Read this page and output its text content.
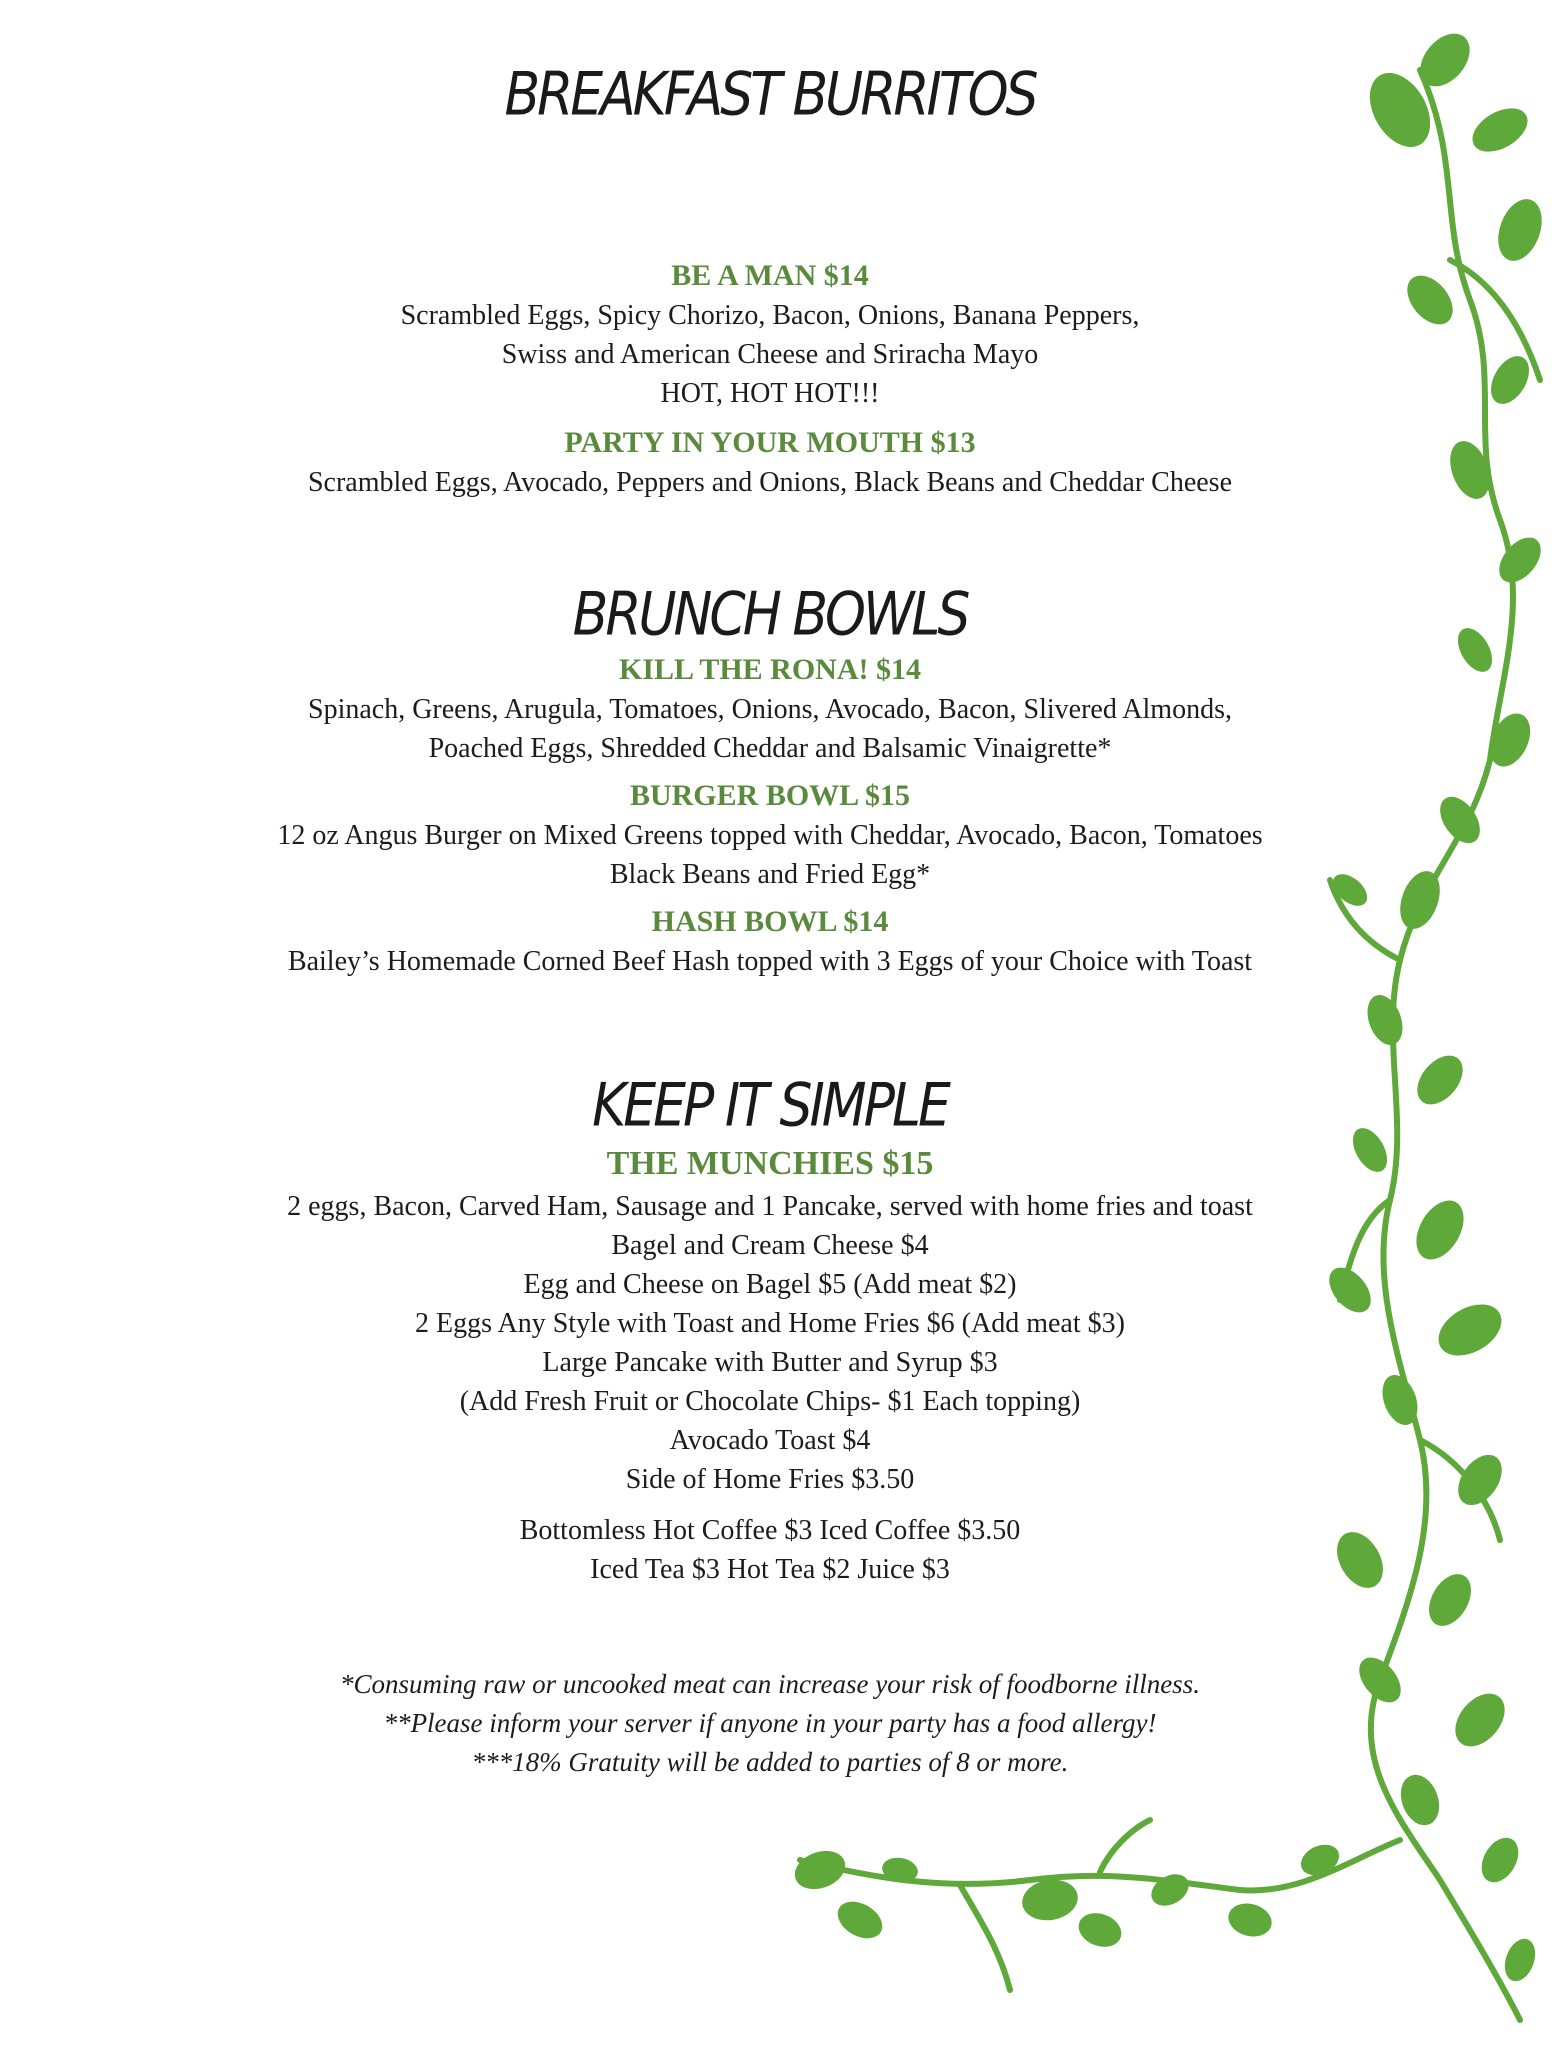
BREAKFAST BURRITOS

BE A MAN $14

Scrambled Eggs, Spicy Chorizo, Bacon, Onions, Banana Peppers,

Swiss and American Cheese and Sriracha Mayo

HOT, HOT HOT!!!

PARTY IN YOUR MOUTH $13

Scrambled Eggs, Avocado, Peppers and Onions, Black Beans and Cheddar Cheese

BRUNCH BOWLS

KILL THE RONA! $14

Spinach, Greens, Arugula, Tomatoes, Onions, Avocado, Bacon, Slivered Almonds,

Poached Eggs, Shredded Cheddar and Balsamic Vinaigrette*

BURGER BOWL $15

12 oz Angus Burger on Mixed Greens topped with Cheddar, Avocado, Bacon, Tomatoes

Black Beans and Fried Egg*

HASH BOWL $14

Bailey’s Homemade Corned Beef Hash topped with 3 Eggs of your Choice with Toast

KEEP IT SIMPLE

THE MUNCHIES $15

2 eggs, Bacon, Carved Ham, Sausage and 1 Pancake, served with home fries and toast

Bagel and Cream Cheese $4

Egg and Cheese on Bagel $5 (Add meat $2)

2 Eggs Any Style with Toast and Home Fries $6 (Add meat $3)

Large Pancake with Butter and Syrup $3

(Add Fresh Fruit or Chocolate Chips- $1 Each topping)

Avocado Toast $4

Side of Home Fries $3.50

Bottomless Hot Coffee $3 Iced Coffee $3.50

Iced Tea $3 Hot Tea $2 Juice $3

*Consuming raw or uncooked meat can increase your risk of foodborne illness.

**Please inform your server if anyone in your party has a food allergy!

***18% Gratuity will be added to parties of 8 or more.
